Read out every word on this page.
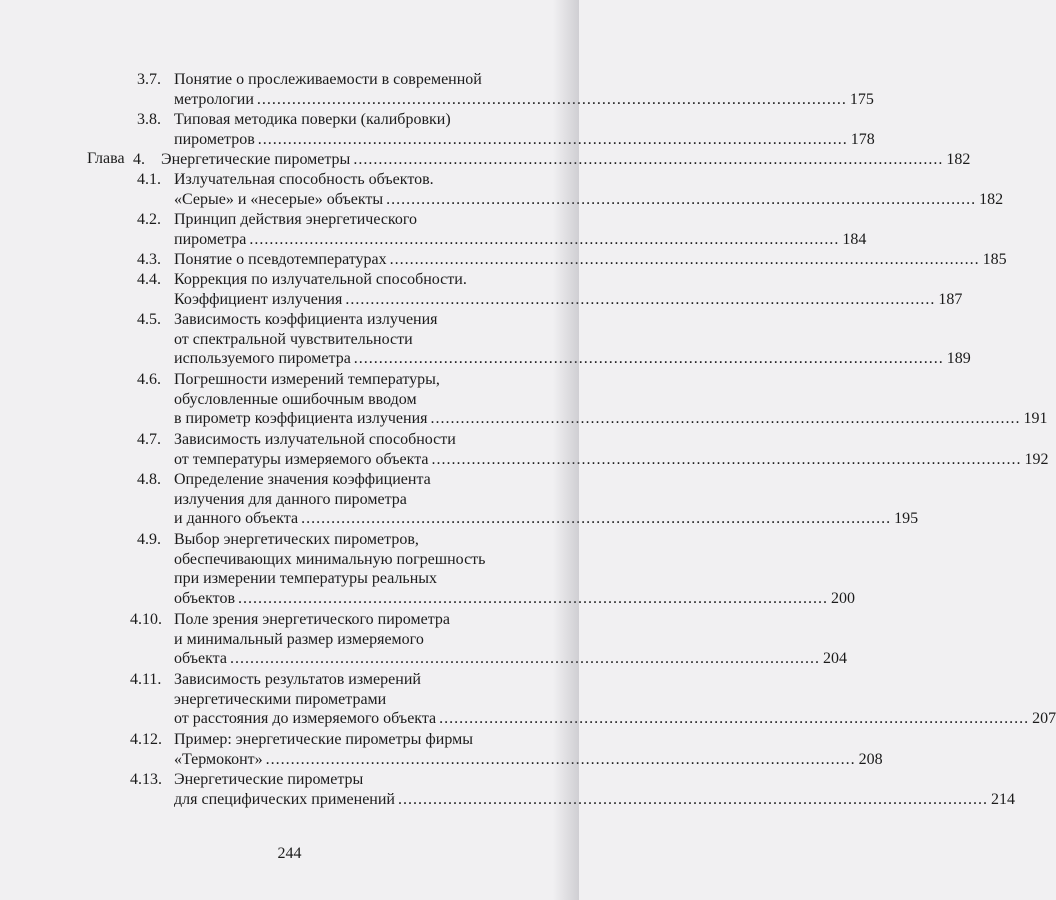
3.7. Понятие о прослеживаемости в современной
метрологии .....	175
3.8. Типовая методика поверки (калибровки)
пирометров .....	178
Глава 4. Энергетические пирометры .....	182
4.1. Излучательная способность объектов.
«Серые» и «несерые» объекты .....	182
4.2. Принцип действия энергетического
пирометра .....	184
4.3. Понятие о псевдотемпературах .....	185
4.4. Коррекция по излучательной способности.
Коэффициент излучения .....	187
4.5. Зависимость коэффициента излучения
от спектральной чувствительности
используемого пирометра .....	189
4.6. Погрешности измерений температуры,
обусловленные ошибочным вводом
в пирометр коэффициента излучения .....	191
4.7. Зависимость излучательной способности
от температуры измеряемого объекта .....	192
4.8. Определение значения коэффициента
излучения для данного пирометра
и данного объекта .....	195
4.9. Выбор энергетических пирометров,
обеспечивающих минимальную погрешность
при измерении температуры реальных
объектов .....	200
4.10. Поле зрения энергетического пирометра
и минимальный размер измеряемого
объекта .....	204
4.11. Зависимость результатов измерений
энергетическими пирометрами
от расстояния до измеряемого объекта .....	207
4.12. Пример: энергетические пирометры фирмы
«Термоконт» .....	208
4.13. Энергетические пирометры
для специфических применений .....	214
244
